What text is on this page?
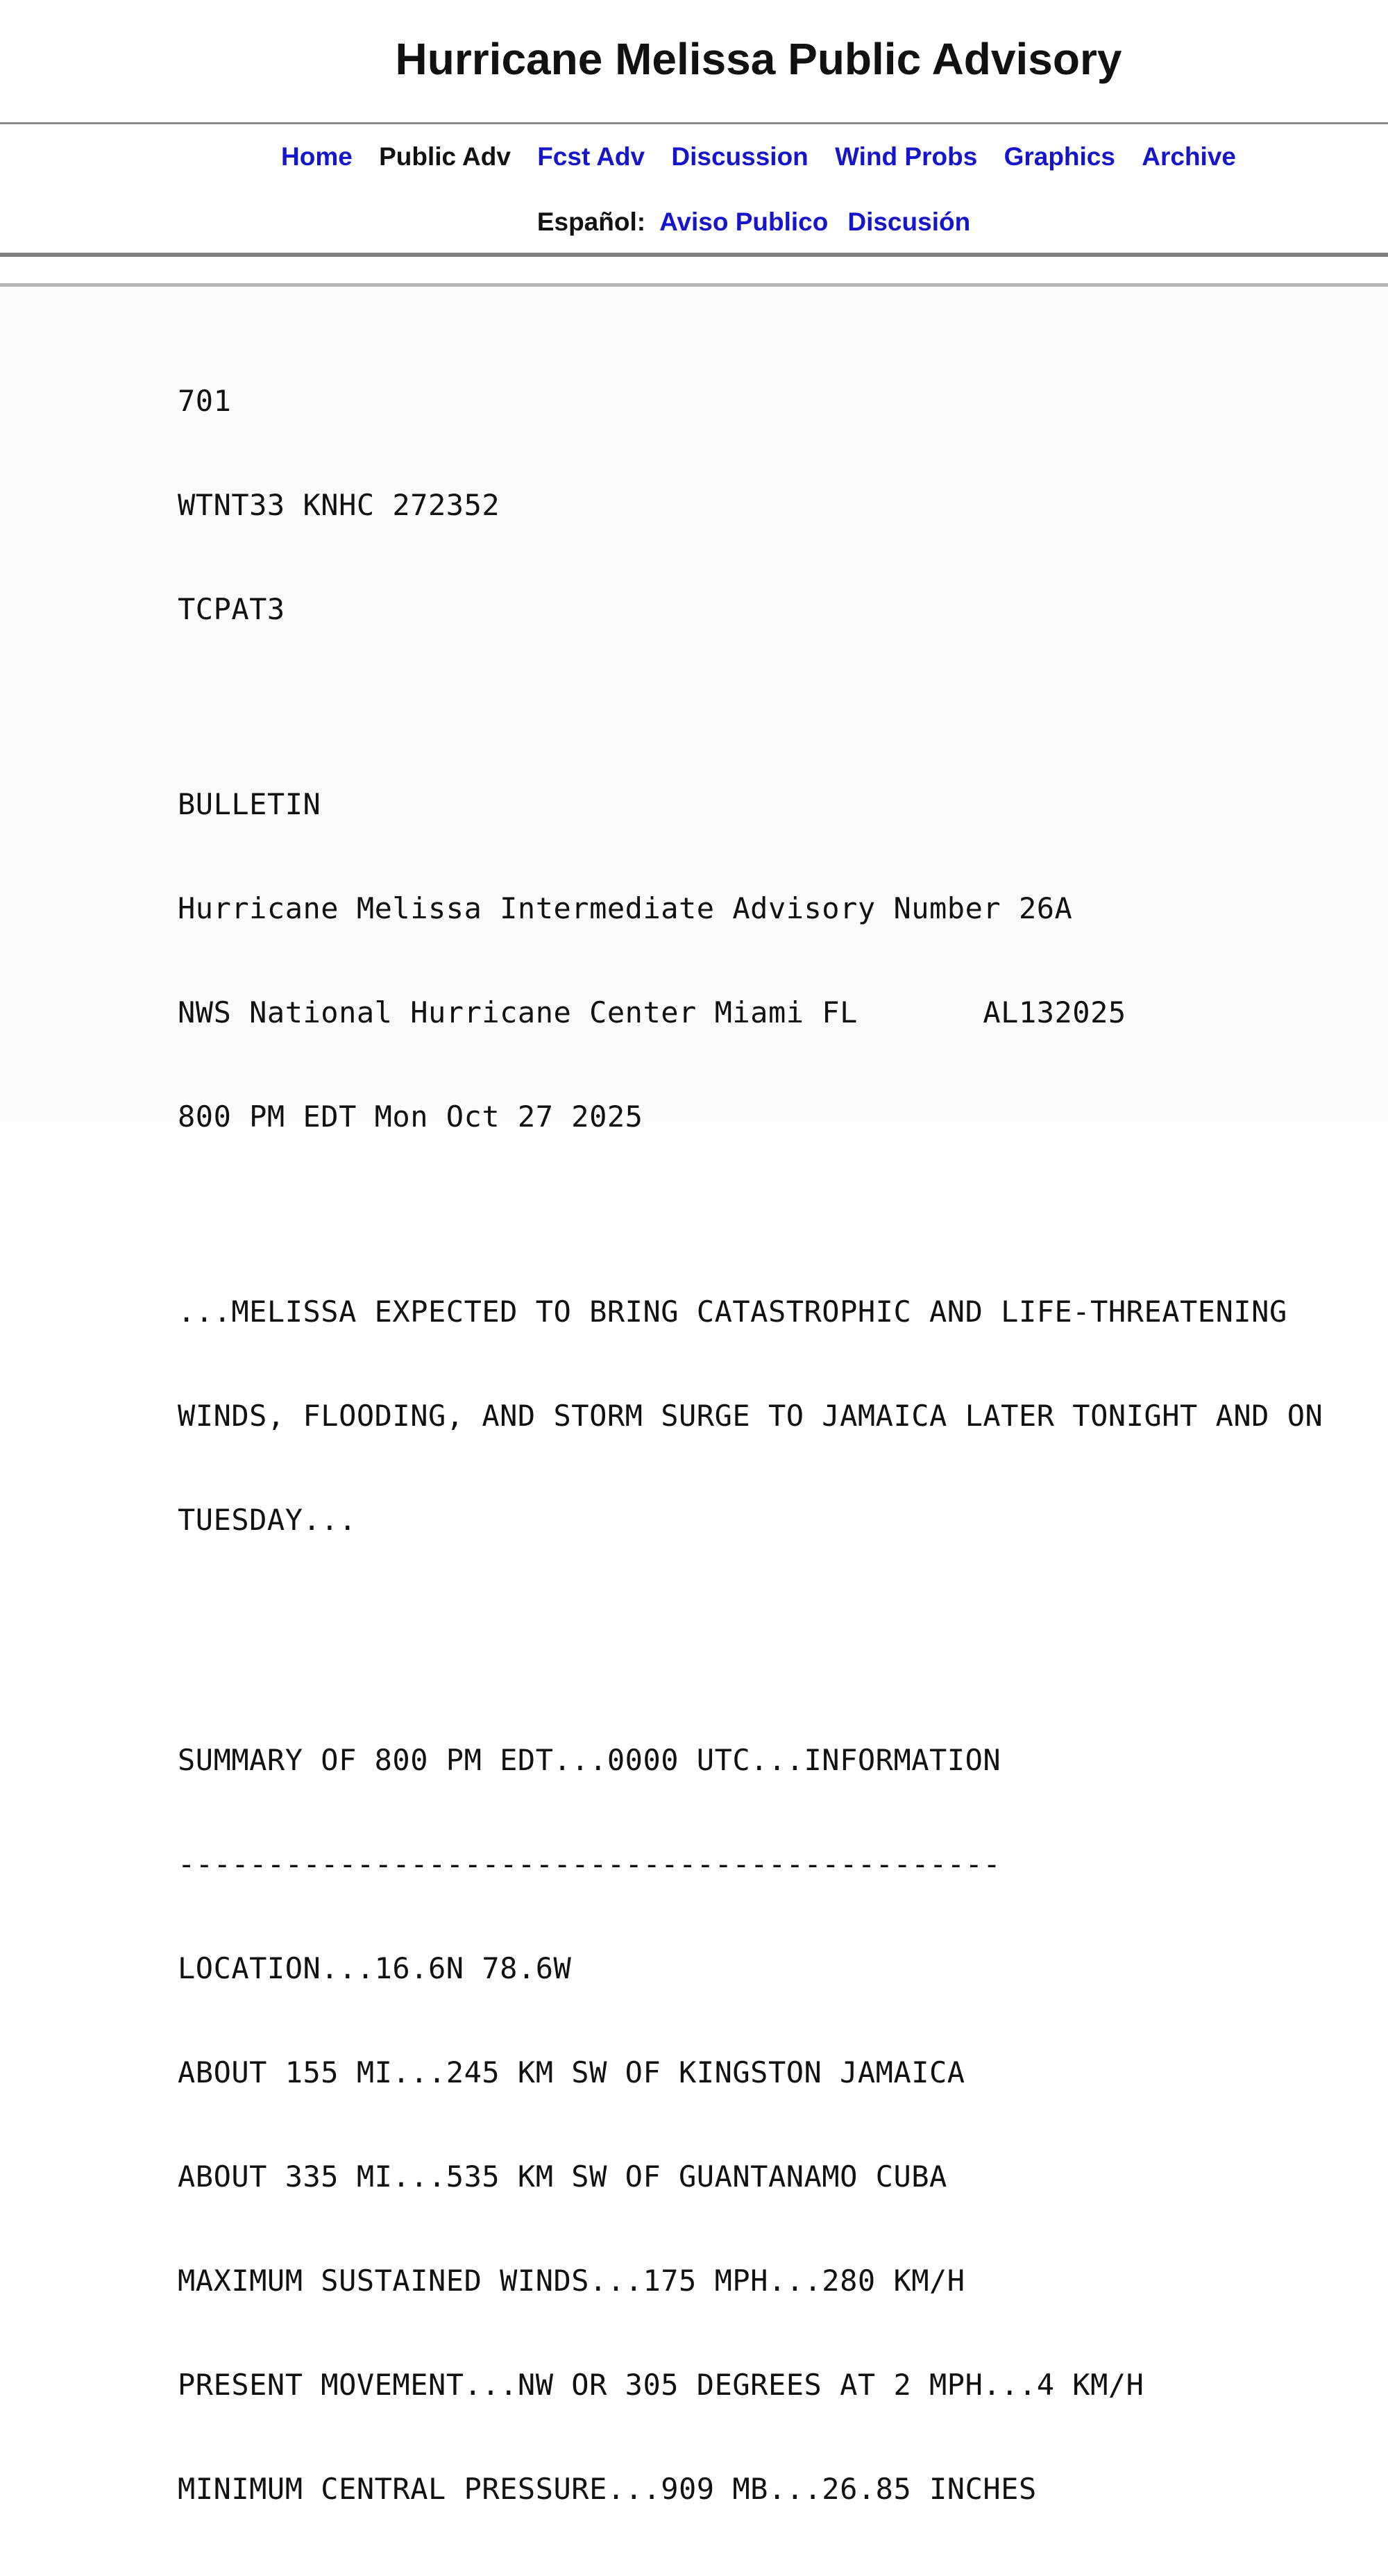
Hurricane Melissa Public Advisory
Home Public Adv Fcst Adv Discussion Wind Probs Graphics Archive
Español: Aviso Publico Discusión

701

WTNT33 KNHC 272352

TCPAT3

BULLETIN

Hurricane Melissa Intermediate Advisory Number 26A

NWS National Hurricane Center Miami FL       AL132025

800 PM EDT Mon Oct 27 2025

...MELISSA EXPECTED TO BRING CATASTROPHIC AND LIFE-THREATENING

WINDS, FLOODING, AND STORM SURGE TO JAMAICA LATER TONIGHT AND ON

TUESDAY...

SUMMARY OF 800 PM EDT...0000 UTC...INFORMATION

----------------------------------------------

LOCATION...16.6N 78.6W

ABOUT 155 MI...245 KM SW OF KINGSTON JAMAICA

ABOUT 335 MI...535 KM SW OF GUANTANAMO CUBA

MAXIMUM SUSTAINED WINDS...175 MPH...280 KM/H

PRESENT MOVEMENT...NW OR 305 DEGREES AT 2 MPH...4 KM/H

MINIMUM CENTRAL PRESSURE...909 MB...26.85 INCHES
